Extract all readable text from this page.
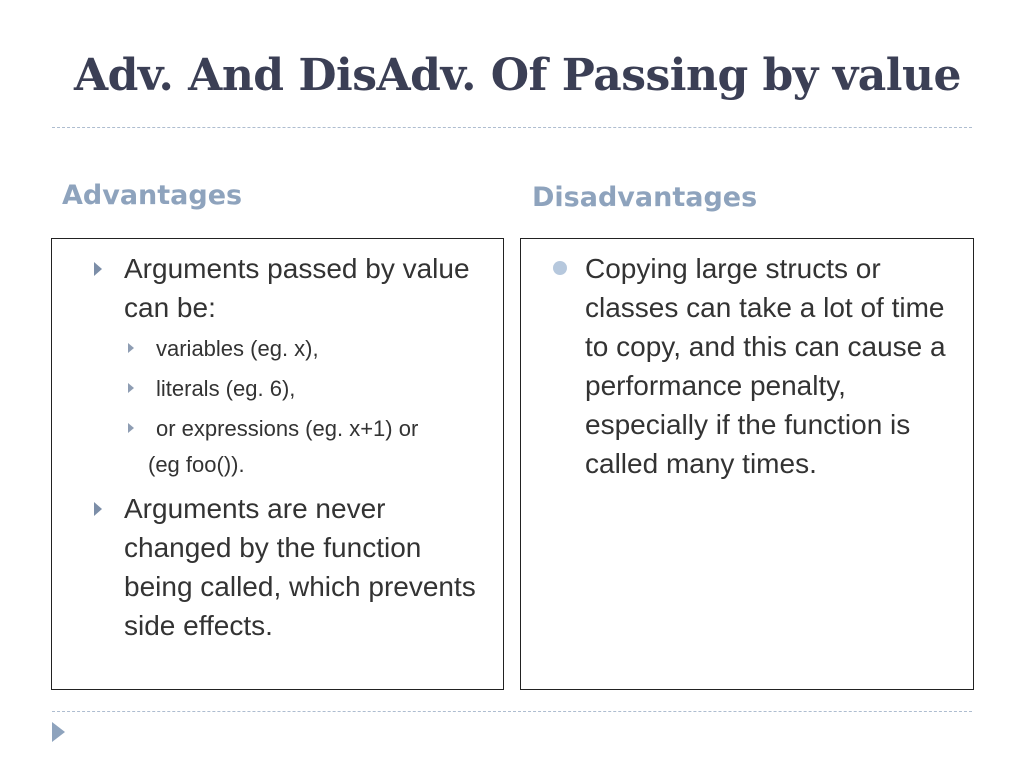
Adv. And DisAdv. Of Passing by value
Advantages	Disadvantages
Arguments passed by value can be:
variables (eg. x),
literals (eg. 6),
or expressions (eg. x+1) or
(eg foo()).
Arguments are never changed by the function being called, which prevents side effects.
Copying large structs or classes can take a lot of time to copy, and this can cause a performance penalty, especially if the function is called many times.
